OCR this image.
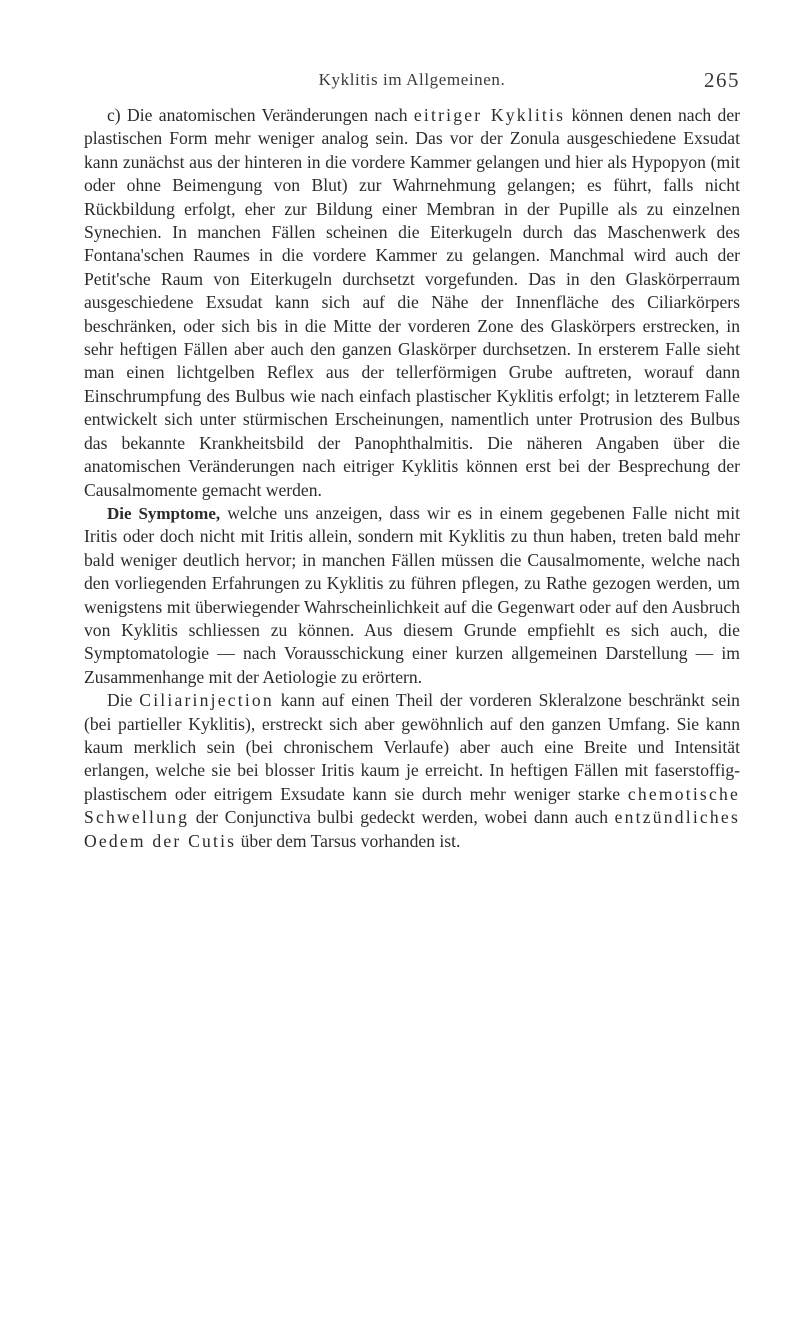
Kyklitis im Allgemeinen.	265

c) Die anatomischen Veränderungen nach eitriger Kyklitis können denen nach der plastischen Form mehr weniger analog sein. Das vor der Zonula ausgeschiedene Exsudat kann zunächst aus der hinteren in die vordere Kammer gelangen und hier als Hypopyon (mit oder ohne Beimengung von Blut) zur Wahrnehmung gelangen; es führt, falls nicht Rückbildung erfolgt, eher zur Bildung einer Membran in der Pupille als zu einzelnen Synechien. In manchen Fällen scheinen die Eiterkugeln durch das Maschenwerk des Fontana'schen Raumes in die vordere Kammer zu gelangen. Manchmal wird auch der Petit'sche Raum von Eiterkugeln durchsetzt vorgefunden. Das in den Glaskörperraum ausgeschiedene Exsudat kann sich auf die Nähe der Innenfläche des Ciliarkörpers beschränken, oder sich bis in die Mitte der vorderen Zone des Glaskörpers erstrecken, in sehr heftigen Fällen aber auch den ganzen Glaskörper durchsetzen. In ersterem Falle sieht man einen lichtgelben Reflex aus der tellerförmigen Grube auftreten, worauf dann Einschrumpfung des Bulbus wie nach einfach plastischer Kyklitis erfolgt; in letzterem Falle entwickelt sich unter stürmischen Erscheinungen, namentlich unter Protrusion des Bulbus das bekannte Krankheitsbild der Panophthalmitis. Die näheren Angaben über die anatomischen Veränderungen nach eitriger Kyklitis können erst bei der Besprechung der Causalmomente gemacht werden.

Die Symptome, welche uns anzeigen, dass wir es in einem gegebenen Falle nicht mit Iritis oder doch nicht mit Iritis allein, sondern mit Kyklitis zu thun haben, treten bald mehr bald weniger deutlich hervor; in manchen Fällen müssen die Causalmomente, welche nach den vorliegenden Erfahrungen zu Kyklitis zu führen pflegen, zu Rathe gezogen werden, um wenigstens mit überwiegender Wahrscheinlichkeit auf die Gegenwart oder auf den Ausbruch von Kyklitis schliessen zu können. Aus diesem Grunde empfiehlt es sich auch, die Symptomatologie — nach Vorausschickung einer kurzen allgemeinen Darstellung — im Zusammenhange mit der Aetiologie zu erörtern.

Die Ciliarinjection kann auf einen Theil der vorderen Skleralzone beschränkt sein (bei partieller Kyklitis), erstreckt sich aber gewöhnlich auf den ganzen Umfang. Sie kann kaum merklich sein (bei chronischem Verlaufe) aber auch eine Breite und Intensität erlangen, welche sie bei blosser Iritis kaum je erreicht. In heftigen Fällen mit faserstoffig-plastischem oder eitrigem Exsudate kann sie durch mehr weniger starke chemotische Schwellung der Conjunctiva bulbi gedeckt werden, wobei dann auch entzündliches Oedem der Cutis über dem Tarsus vorhanden ist.
